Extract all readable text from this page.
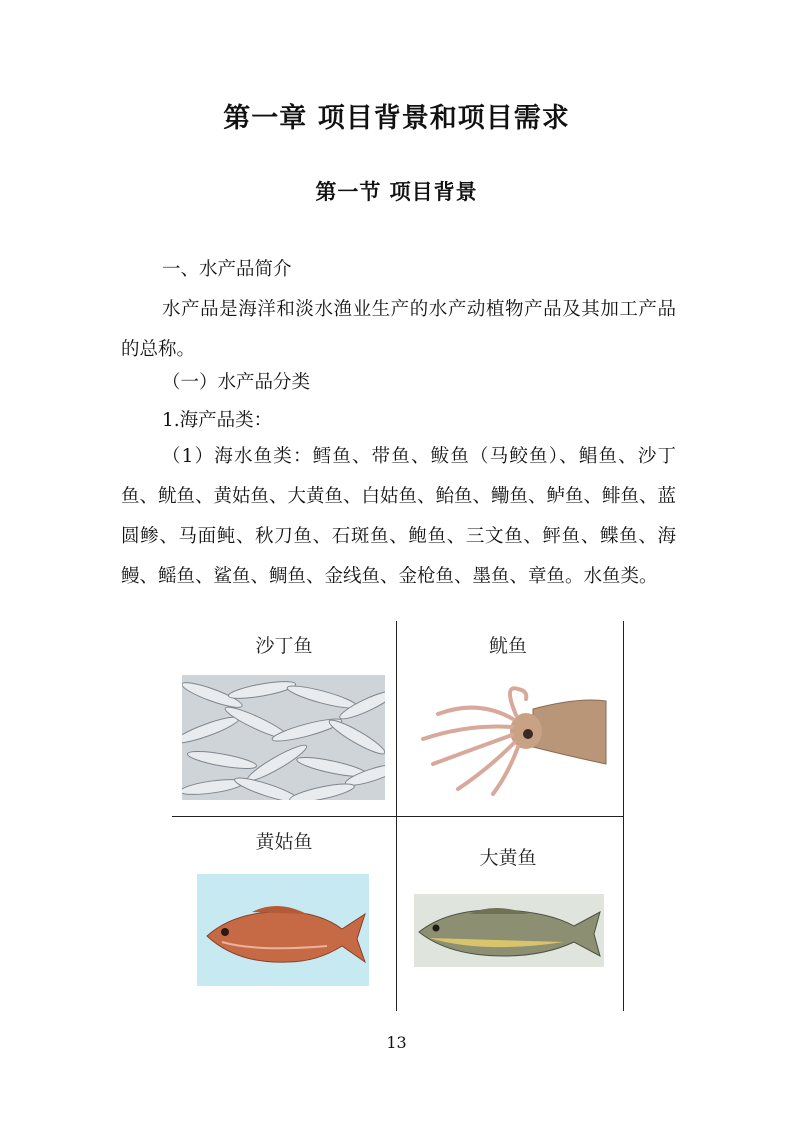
第一章 项目背景和项目需求
第一节 项目背景
一、水产品简介
水产品是海洋和淡水渔业生产的水产动植物产品及其加工产品的总称。
（一）水产品分类
1.海产品类：
（1）海水鱼类：鳕鱼、带鱼、鲅鱼（马鲛鱼）、鲳鱼、沙丁鱼、鱿鱼、黄姑鱼、大黄鱼、白姑鱼、鲐鱼、鳓鱼、鲈鱼、鲱鱼、蓝圆鲹、马面鲀、秋刀鱼、石斑鱼、鲍鱼、三文鱼、鲆鱼、鲽鱼、海鳗、鳐鱼、鲨鱼、鲷鱼、金线鱼、金枪鱼、墨鱼、章鱼。水鱼类。
沙丁鱼	鱿鱼
黄姑鱼
大黄鱼
13
